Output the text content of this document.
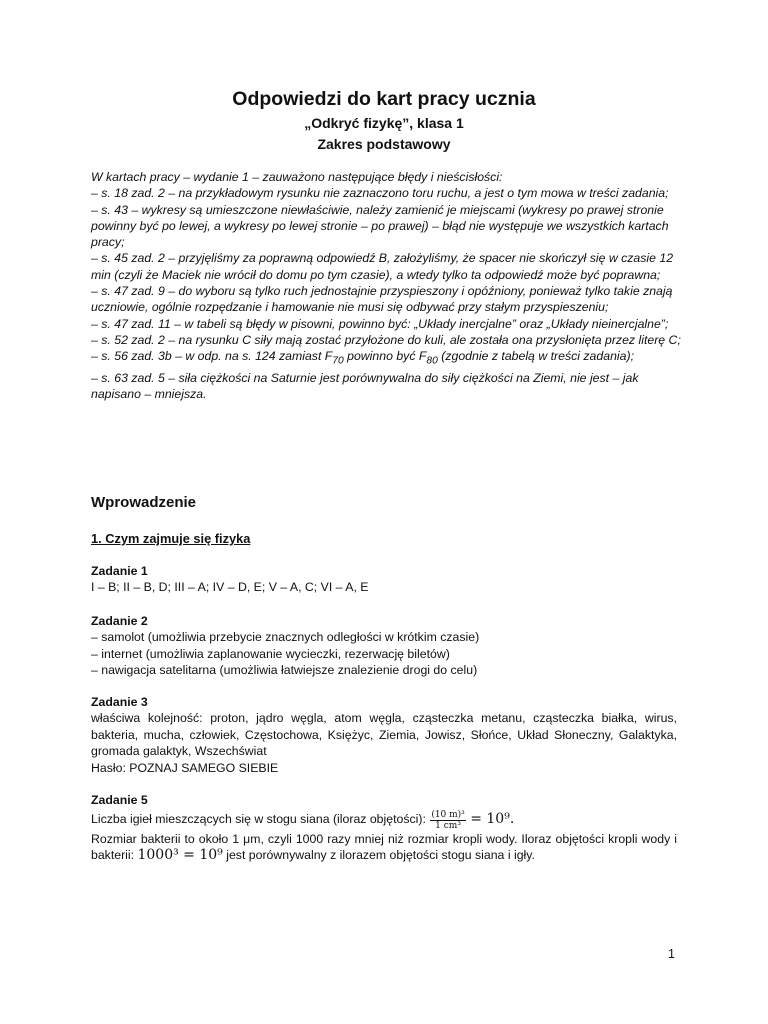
Odpowiedzi do kart pracy ucznia
„Odkryć fizykę”, klasa 1
Zakres podstawowy

W kartach pracy – wydanie 1 – zauważono następujące błędy i nieścisłości:

– s. 18 zad. 2 – na przykładowym rysunku nie zaznaczono toru ruchu, a jest o tym mowa w treści zadania;

– s. 43 – wykresy są umieszczone niewłaściwie, należy zamienić je miejscami (wykresy po prawej stronie powinny być po lewej, a wykresy po lewej stronie – po prawej) – błąd nie występuje we wszystkich kartach pracy;

– s. 45 zad. 2 – przyjęliśmy za poprawną odpowiedź B, założyliśmy, że spacer nie skończył się w czasie 12 min (czyli że Maciek nie wrócił do domu po tym czasie), a wtedy tylko ta odpowiedź może być poprawna;

– s. 47 zad. 9 – do wyboru są tylko ruch jednostajnie przyspieszony i opóźniony, ponieważ tylko takie znają uczniowie, ogólnie rozpędzanie i hamowanie nie musi się odbywać przy stałym przyspieszeniu;

– s. 47 zad. 11 – w tabeli są błędy w pisowni, powinno być: „Układy inercjalne” oraz „Układy nieinercjalne”;

– s. 52 zad. 2 – na rysunku C siły mają zostać przyłożone do kuli, ale została ona przysłonięta przez literę C;

– s. 56 zad. 3b – w odp. na s. 124 zamiast $F_{70}$ powinno być $F_{80}$ (zgodnie z tabelą w treści zadania);

– s. 63 zad. 5 – siła ciężkości na Saturnie jest porównywalna do siły ciężkości na Ziemi, nie jest – jak napisano – mniejsza.

Wprowadzenie
1. Czym zajmuje się fizyka

Zadanie 1

I – B; II – B, D; III – A; IV – D, E; V – A, C; VI – A, E

Zadanie 2

– samolot (umożliwia przebycie znacznych odległości w krótkim czasie)

– internet (umożliwia zaplanowanie wycieczki, rezerwację biletów)

– nawigacja satelitarna (umożliwia łatwiejsze znalezienie drogi do celu)

Zadanie 3

właściwa kolejność: proton, jądro węgla, atom węgla, cząsteczka metanu, cząsteczka białka, wirus, bakteria, mucha, człowiek, Częstochowa, Księżyc, Ziemia, Jowisz, Słońce, Układ Słoneczny, Galaktyka, gromada galaktyk, Wszechświat

Hasło: POZNAJ SAMEGO SIEBIE

Zadanie 5

Liczba igieł mieszczących się w stogu siana (iloraz objętości): $\frac{\text{(10 m)³}}{\text{1 cm³}} = 10^9$.

Rozmiar bakterii to około 1 μm, czyli 1000 razy mniej niż rozmiar kropli wody. Iloraz objętości kropli wody i bakterii: 1000³ = 10⁹ jest porównywalny z ilorazem objętości stogu siana i igły.

1
